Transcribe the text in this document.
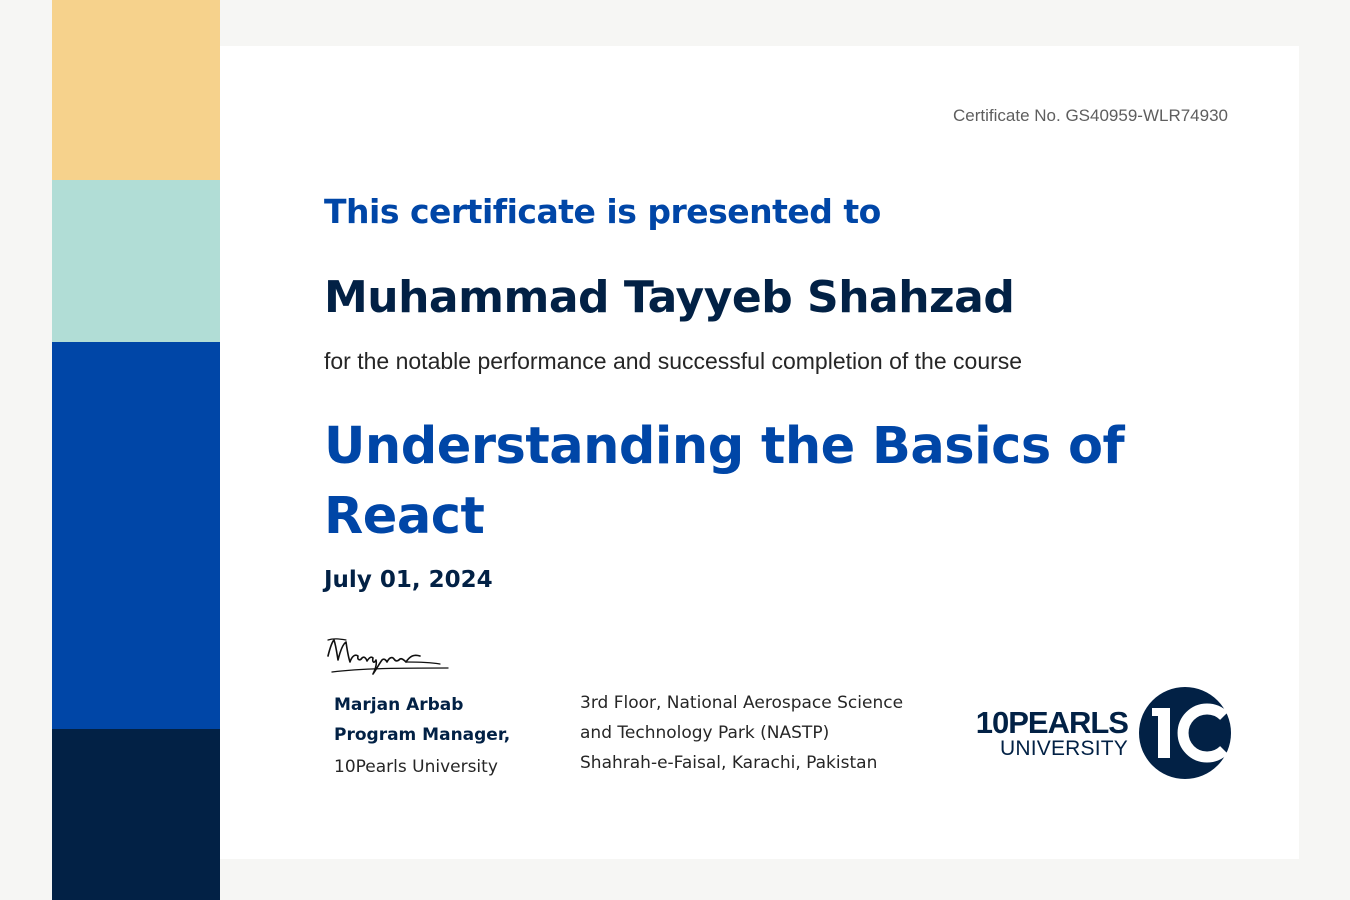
Certificate No. GS40959-WLR74930
This certificate is presented to
Muhammad Tayyeb Shahzad
for the notable performance and successful completion of the course
Understanding the Basics of
React
July 01, 2024
Marjan Arbab
Program Manager,
10Pearls University
3rd Floor, National Aerospace Science
and Technology Park (NASTP)
Shahrah-e-Faisal, Karachi, Pakistan
10PEARLS
UNIVERSITY
